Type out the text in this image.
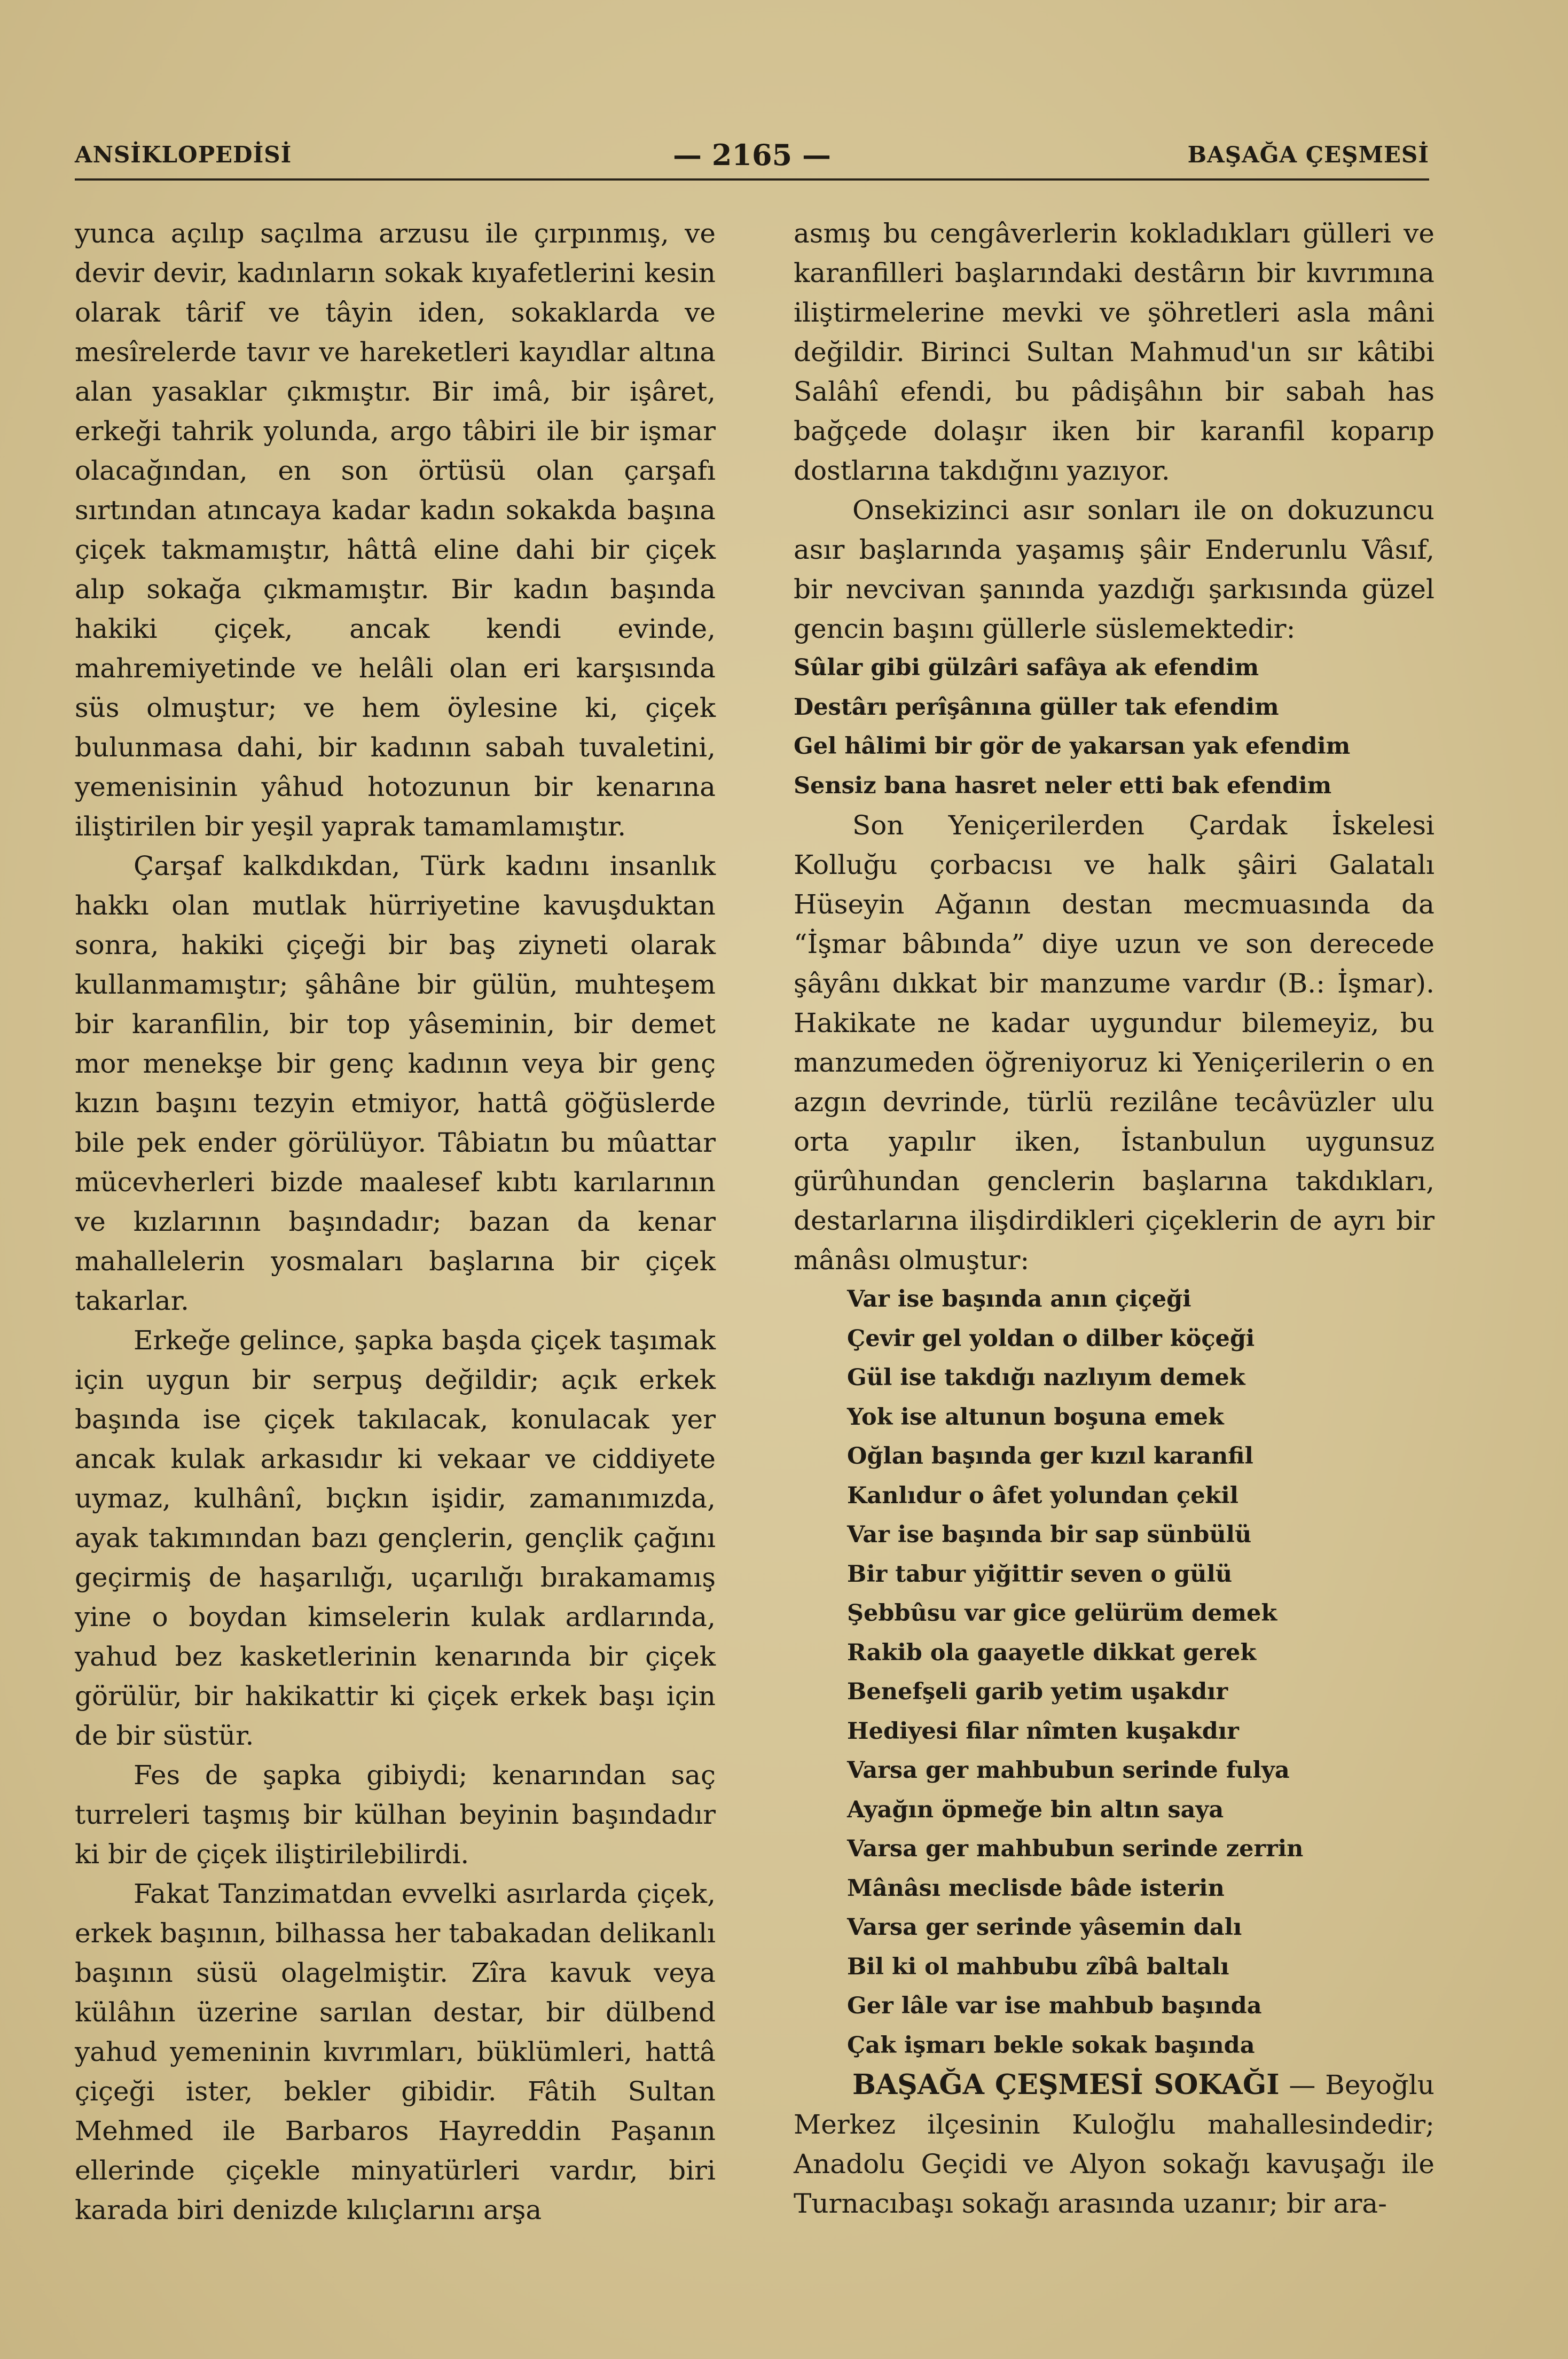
ANSİKLOPEDİSİ	— 2165 —	BAŞAĞA ÇEŞMESİ

yunca açılıp saçılma arzusu ile çırpınmış, ve devir devir, kadınların sokak kıyafetlerini kesin olarak târif ve tâyin iden, sokaklarda ve mesîrelerde tavır ve hareketleri kayıdlar altına alan yasaklar çıkmıştır. Bir imâ, bir işâret, erkeği tahrik yolunda, argo tâbiri ile bir işmar olacağından, en son örtüsü olan çarşafı sırtından atıncaya kadar kadın sokakda başına çiçek takmamıştır, hâttâ eline dahi bir çiçek alıp sokağa çıkmamıştır. Bir kadın başında hakiki çiçek, ancak kendi evinde, mahremiyetinde ve helâli olan eri karşısında süs olmuştur; ve hem öylesine ki, çiçek bulunmasa dahi, bir kadının sabah tuvaletini, yemenisinin yâhud hotozunun bir kenarına iliştirilen bir yeşil yaprak tamamlamıştır.

Çarşaf kalkdıkdan, Türk kadını insanlık hakkı olan mutlak hürriyetine kavuşduktan sonra, hakiki çiçeği bir baş ziyneti olarak kullanmamıştır; şâhâne bir gülün, muhteşem bir karanfilin, bir top yâseminin, bir demet mor menekşe bir genç kadının veya bir genç kızın başını tezyin etmiyor, hattâ göğüslerde bile pek ender görülüyor. Tâbiatın bu mûattar mücevherleri bizde maalesef kıbtı karılarının ve kızlarının başındadır; bazan da kenar mahallelerin yosmaları başlarına bir çiçek takarlar.

Erkeğe gelince, şapka başda çiçek taşımak için uygun bir serpuş değildir; açık erkek başında ise çiçek takılacak, konulacak yer ancak kulak arkasıdır ki vekaar ve ciddiyete uymaz, kulhânî, bıçkın işidir, zamanımızda, ayak takımından bazı gençlerin, gençlik çağını geçirmiş de haşarılığı, uçarılığı bırakamamış yine o boydan kimselerin kulak ardlarında, yahud bez kasketlerinin kenarında bir çiçek görülür, bir hakikattir ki çiçek erkek başı için de bir süstür.

Fes de şapka gibiydi; kenarından saç turreleri taşmış bir külhan beyinin başındadır ki bir de çiçek iliştirilebilirdi.

Fakat Tanzimatdan evvelki asırlarda çiçek, erkek başının, bilhassa her tabakadan delikanlı başının süsü olagelmiştir. Zîra kavuk veya külâhın üzerine sarılan destar, bir dülbend yahud yemeninin kıvrımları, büklümleri, hattâ çiçeği ister, bekler gibidir. Fâtih Sultan Mehmed ile Barbaros Hayreddin Paşanın ellerinde çiçekle minyatürleri vardır, biri karada biri denizde kılıçlarını arşa

asmış bu cengâverlerin kokladıkları gülleri ve karanfilleri başlarındaki destârın bir kıvrımına iliştirmelerine mevki ve şöhretleri asla mâni değildir. Birinci Sultan Mahmud'un sır kâtibi Salâhî efendi, bu pâdişâhın bir sabah has bağçede dolaşır iken bir karanfil koparıp dostlarına takdığını yazıyor.

Onsekizinci asır sonları ile on dokuzuncu asır başlarında yaşamış şâir Enderunlu Vâsıf, bir nevcivan şanında yazdığı şarkısında güzel gencin başını güllerle süslemektedir:

Sûlar gibi gülzâri safâya ak efendim
Destârı perîşânına güller tak efendim
Gel hâlimi bir gör de yakarsan yak efendim
Sensiz bana hasret neler etti bak efendim

Son Yeniçerilerden Çardak İskelesi Kolluğu çorbacısı ve halk şâiri Galatalı Hüseyin Ağanın destan mecmuasında da “İşmar bâbında” diye uzun ve son derecede şâyânı dıkkat bir manzume vardır (B.: İşmar). Hakikate ne kadar uygundur bilemeyiz, bu manzumeden öğreniyoruz ki Yeniçerilerin o en azgın devrinde, türlü rezilâne tecâvüzler ulu orta yapılır iken, İstanbulun uygunsuz gürûhundan genclerin başlarına takdıkları, destarlarına ilişdirdikleri çiçeklerin de ayrı bir mânâsı olmuştur:

Var ise başında anın çiçeği
Çevir gel yoldan o dilber köçeği
Gül ise takdığı nazlıyım demek
Yok ise altunun boşuna emek
Oğlan başında ger kızıl karanfil
Kanlıdur o âfet yolundan çekil
Var ise başında bir sap sünbülü
Bir tabur yiğittir seven o gülü
Şebbûsu var gice gelürüm demek
Rakib ola gaayetle dikkat gerek
Benefşeli garib yetim uşakdır
Hediyesi filar nîmten kuşakdır
Varsa ger mahbubun serinde fulya
Ayağın öpmeğe bin altın saya
Varsa ger mahbubun serinde zerrin
Mânâsı meclisde bâde isterin
Varsa ger serinde yâsemin dalı
Bil ki ol mahbubu zîbâ baltalı
Ger lâle var ise mahbub başında
Çak işmarı bekle sokak başında

BAŞAĞA ÇEŞMESİ SOKAĞI — Beyoğlu Merkez ilçesinin Kuloğlu mahallesindedir; Anadolu Geçidi ve Alyon sokağı kavuşağı ile Turnacıbaşı sokağı arasında uzanır; bir ara-
